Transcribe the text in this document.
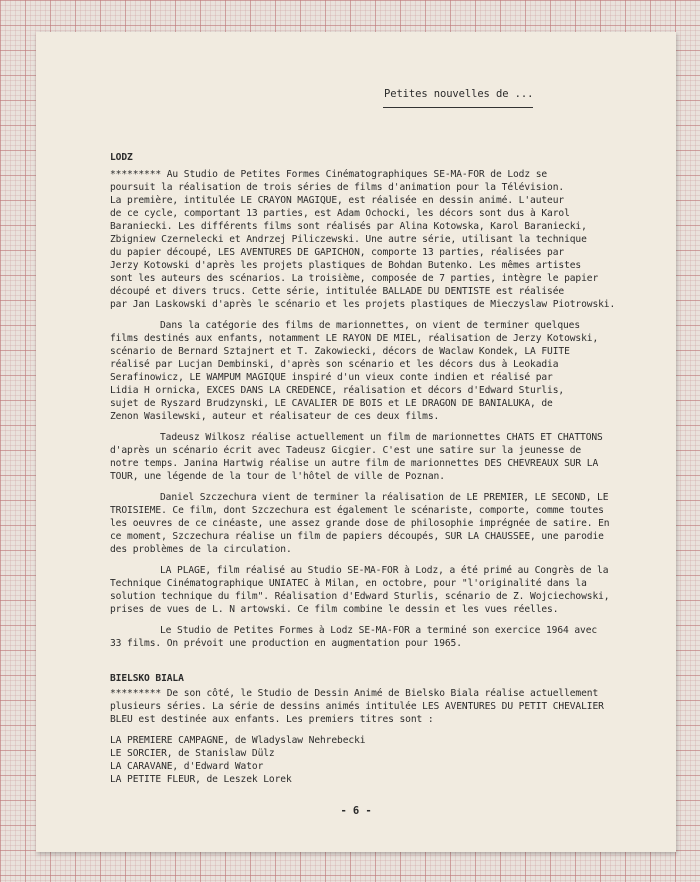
Petites nouvelles de ...
LODZ
********* Au Studio de Petites Formes Cinématographiques SE-MA-FOR de Lodz se
poursuit la réalisation de trois séries de films d'animation pour la Télévision.
La première, intitulée LE CRAYON MAGIQUE, est réalisée en dessin animé. L'auteur
de ce cycle, comportant 13 parties, est Adam Ochocki, les décors sont dus à Karol
Baraniecki. Les différents films sont réalisés par Alina Kotowska, Karol Baraniecki,
Zbigniew Czernelecki et Andrzej Piliczewski. Une autre série, utilisant la technique
du papier découpé, LES AVENTURES DE GAPICHON, comporte 13 parties, réalisées par
Jerzy Kotowski d'après les projets plastiques de Bohdan Butenko. Les mêmes artistes
sont les auteurs des scénarios. La troisième, composée de 7 parties, intègre le papier
découpé et divers trucs. Cette série, intitulée BALLADE DU DENTISTE est réalisée
par Jan Laskowski d'après le scénario et les projets plastiques de Mieczyslaw Piotrowski.
Dans la catégorie des films de marionnettes, on vient de terminer quelques
films destinés aux enfants, notamment LE RAYON DE MIEL, réalisation de Jerzy Kotowski,
scénario de Bernard Sztajnert et T. Zakowiecki, décors de Waclaw Kondek, LA FUITE
réalisé par Lucjan Dembinski, d'après son scénario et les décors dus à Leokadia
Serafinowicz, LE WAMPUM MAGIQUE inspiré d'un vieux conte indien et réalisé par
Lidia H ornicka, EXCES DANS LA CREDENCE, réalisation et décors d'Edward Sturlis,
sujet de Ryszard Brudzynski, LE CAVALIER DE BOIS et LE DRAGON DE BANIALUKA, de
Zenon Wasilewski, auteur et réalisateur de ces deux films.
Tadeusz Wilkosz réalise actuellement un film de marionnettes CHATS ET CHATTONS
d'après un scénario écrit avec Tadeusz Gicgier. C'est une satire sur la jeunesse de
notre temps. Janina Hartwig réalise un autre film de marionnettes DES CHEVREAUX SUR LA
TOUR, une légende de la tour de l'hôtel de ville de Poznan.
Daniel Szczechura vient de terminer la réalisation de LE PREMIER, LE SECOND, LE
TROISIEME. Ce film, dont Szczechura est également le scénariste, comporte, comme toutes
les oeuvres de ce cinéaste, une assez grande dose de philosophie imprégnée de satire. En
ce moment, Szczechura réalise un film de papiers découpés, SUR LA CHAUSSEE, une parodie
des problèmes de la circulation.
LA PLAGE, film réalisé au Studio SE-MA-FOR à Lodz, a été primé au Congrès de la
Technique Cinématographique UNIATEC à Milan, en octobre, pour "l'originalité dans la
solution technique du film". Réalisation d'Edward Sturlis, scénario de Z. Wojciechowski,
prises de vues de L. N artowski. Ce film combine le dessin et les vues réelles.
Le Studio de Petites Formes à Lodz SE-MA-FOR a terminé son exercice 1964 avec
33 films. On prévoit une production en augmentation pour 1965.
BIELSKO BIALA
********* De son côté, le Studio de Dessin Animé de Bielsko Biala réalise actuellement
plusieurs séries. La série de dessins animés intitulée LES AVENTURES DU PETIT CHEVALIER
BLEU est destinée aux enfants. Les premiers titres sont :
LA PREMIERE CAMPAGNE, de Wladyslaw Nehrebecki
LE SORCIER, de Stanislaw Dülz
LA CARAVANE, d'Edward Wator
LA PETITE FLEUR, de Leszek Lorek
- 6 -
